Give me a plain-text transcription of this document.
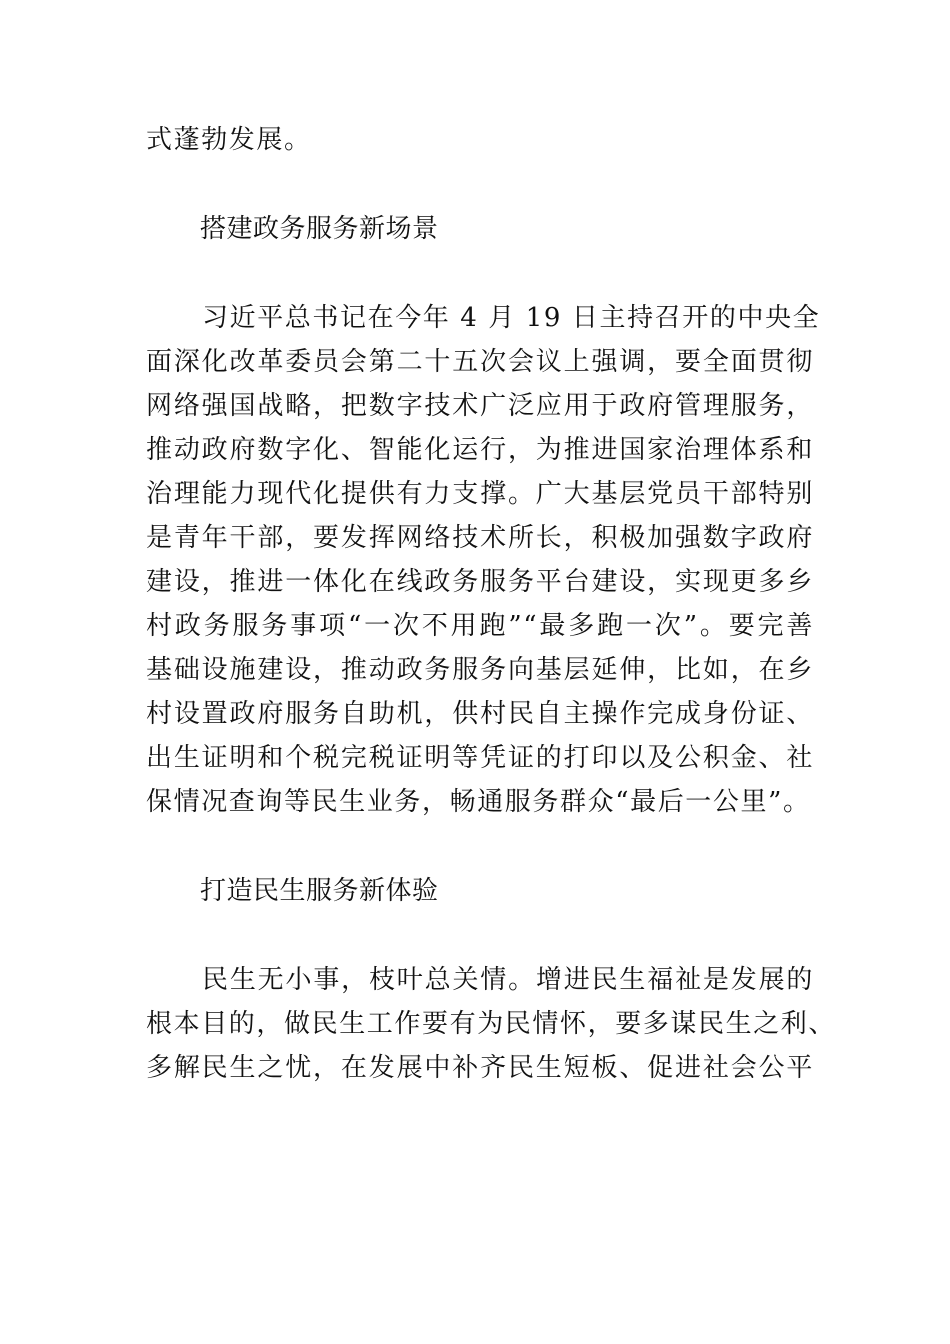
式蓬勃发展。
搭建政务服务新场景
习近平总书记在今年 4 月 19 日主持召开的中央全
面深化改革委员会第二十五次会议上强调，要全面贯彻
网络强国战略，把数字技术广泛应用于政府管理服务，
推动政府数字化、智能化运行，为推进国家治理体系和
治理能力现代化提供有力支撑。广大基层党员干部特别
是青年干部，要发挥网络技术所长，积极加强数字政府
建设，推进一体化在线政务服务平台建设，实现更多乡
村政务服务事项“一次不用跑”“最多跑一次”。要完善
基础设施建设，推动政务服务向基层延伸，比如，在乡
村设置政府服务自助机，供村民自主操作完成身份证、
出生证明和个税完税证明等凭证的打印以及公积金、社
保情况查询等民生业务，畅通服务群众“最后一公里”。
打造民生服务新体验
民生无小事，枝叶总关情。增进民生福祉是发展的
根本目的，做民生工作要有为民情怀，要多谋民生之利、
多解民生之忧，在发展中补齐民生短板、促进社会公平
